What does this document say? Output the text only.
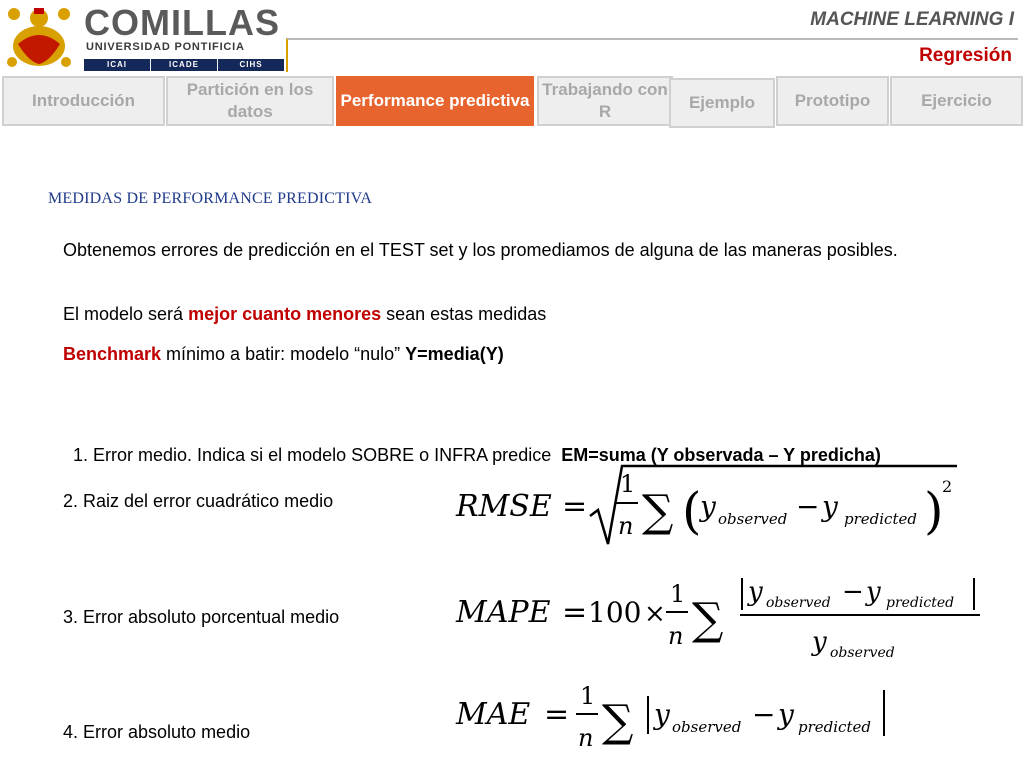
COMILLAS
UNIVERSIDAD PONTIFICIA
ICAI	ICADE	CIHS
MACHINE LEARNING I
Regresión
Introducción
Partición en los datos
Performance predictiva
Trabajando con R	Ejemplo	Prototipo	Ejercicio
MEDIDAS DE PERFORMANCE PREDICTIVA
Obtenemos errores de predicción en el TEST set y los promediamos de alguna de las maneras posibles.
El modelo será mejor cuanto menores sean estas medidas
Benchmark mínimo a batir: modelo “nulo” Y=media(Y)

1. Error medio. Indica si el modelo SOBRE o INFRA predice  EM=suma (Y observada – Y predicha)

2. Raiz del error cuadrático medio
3. Error absoluto porcentual medio
4. Error absoluto medio
RMSE =
1
n ∑ (
y observed − y predicted )
2
MAPE = 100 ×
1
n ∑
y observed − y predicted
y observed
MAE =
1
n ∑ y observed − y predicted
